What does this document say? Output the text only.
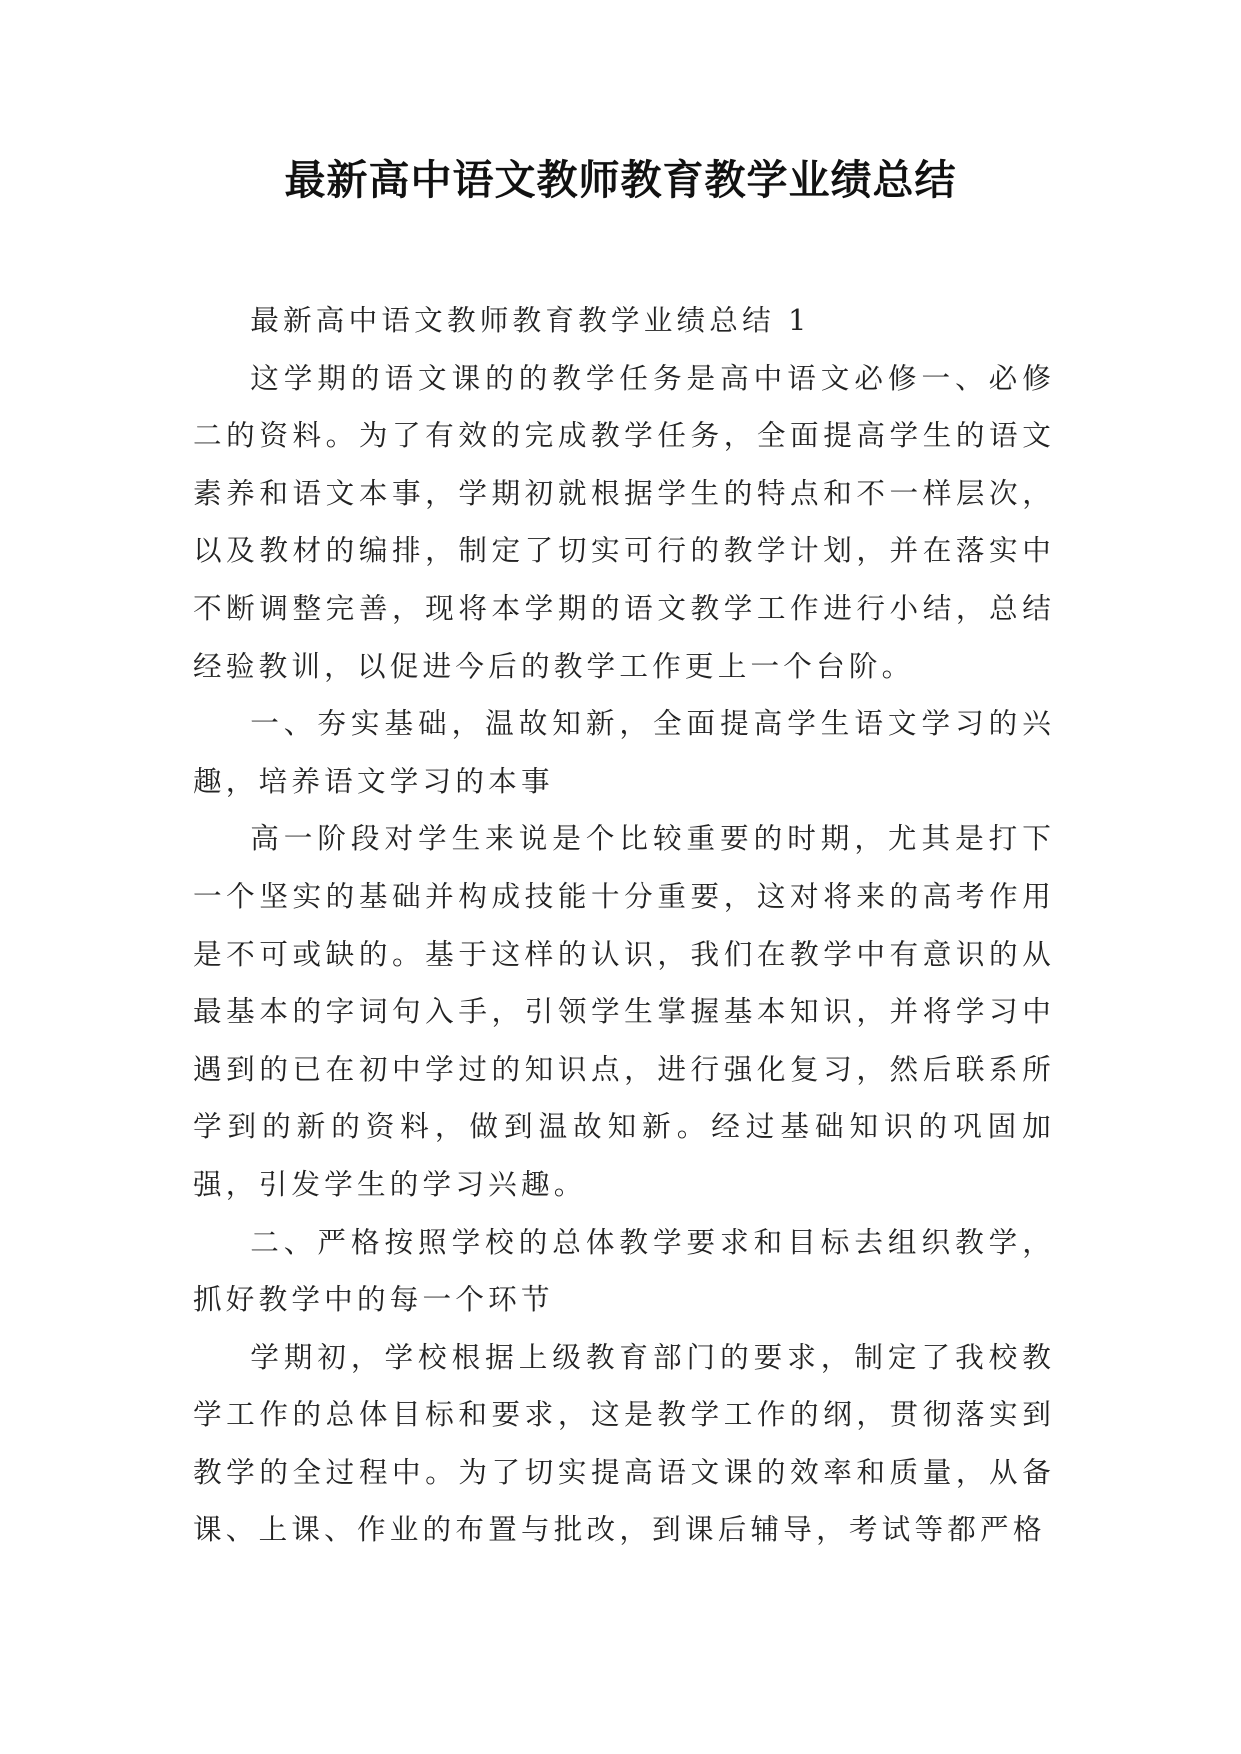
最新高中语文教师教育教学业绩总结

最新高中语文教师教育教学业绩总结 1

这学期的语文课的的教学任务是高中语文必修一、必修二的资料。为了有效的完成教学任务，全面提高学生的语文素养和语文本事，学期初就根据学生的特点和不一样层次，以及教材的编排，制定了切实可行的教学计划，并在落实中不断调整完善，现将本学期的语文教学工作进行小结，总结经验教训，以促进今后的教学工作更上一个台阶。

一、夯实基础，温故知新，全面提高学生语文学习的兴趣，培养语文学习的本事

高一阶段对学生来说是个比较重要的时期，尤其是打下一个坚实的基础并构成技能十分重要，这对将来的高考作用是不可或缺的。基于这样的认识，我们在教学中有意识的从最基本的字词句入手，引领学生掌握基本知识，并将学习中遇到的已在初中学过的知识点，进行强化复习，然后联系所学到的新的资料，做到温故知新。经过基础知识的巩固加强，引发学生的学习兴趣。

二、严格按照学校的总体教学要求和目标去组织教学，抓好教学中的每一个环节

学期初，学校根据上级教育部门的要求，制定了我校教学工作的总体目标和要求，这是教学工作的纲，贯彻落实到教学的全过程中。为了切实提高语文课的效率和质量，从备课、上课、作业的布置与批改，到课后辅导，考试等都严格
